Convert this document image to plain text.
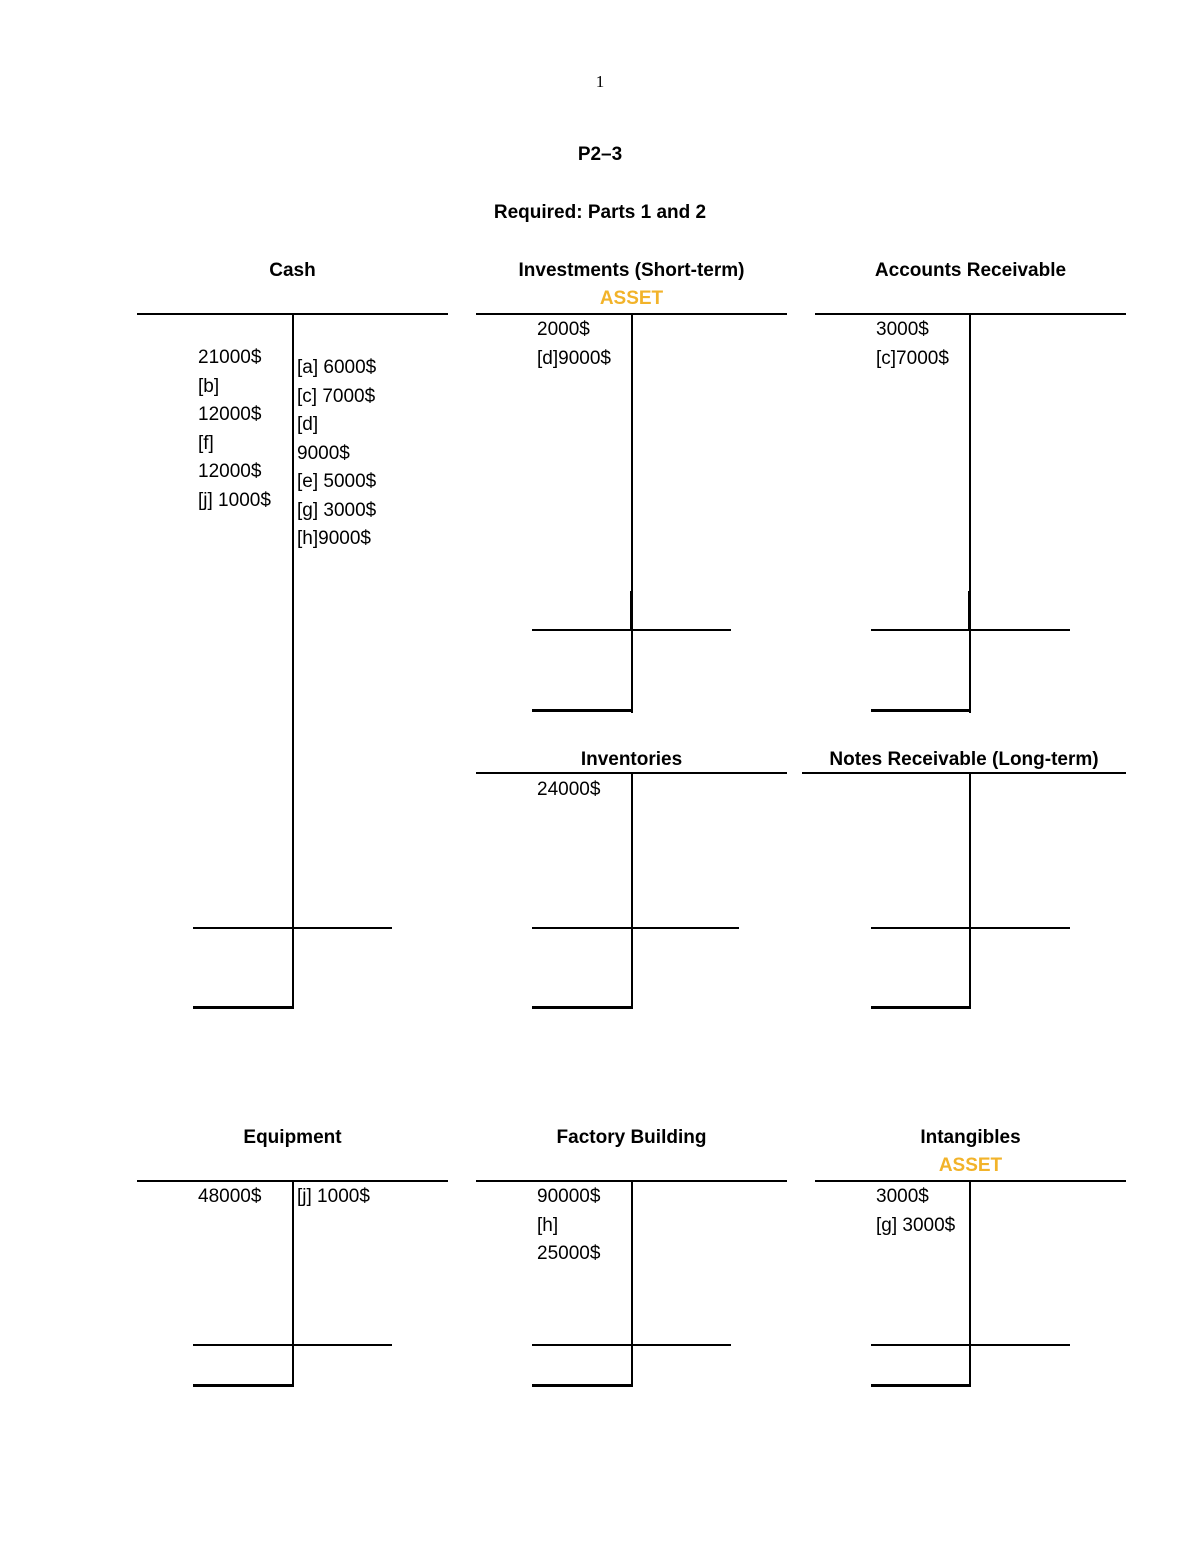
1
P2–3
Required: Parts 1 and 2
Cash
21000$
[b]
12000$
[f]
12000$
[j] 1000$
[a] 6000$
[c] 7000$
[d]
9000$
[e] 5000$
[g] 3000$
[h]9000$
Investments (Short-term)
ASSET
2000$
[d]9000$
Accounts Receivable
3000$
[c]7000$
Inventories
24000$
Notes Receivable (Long-term)
Equipment
48000$ [j] 1000$
Factory Building
90000$
[h]
25000$
Intangibles
ASSET
3000$
[g] 3000$
